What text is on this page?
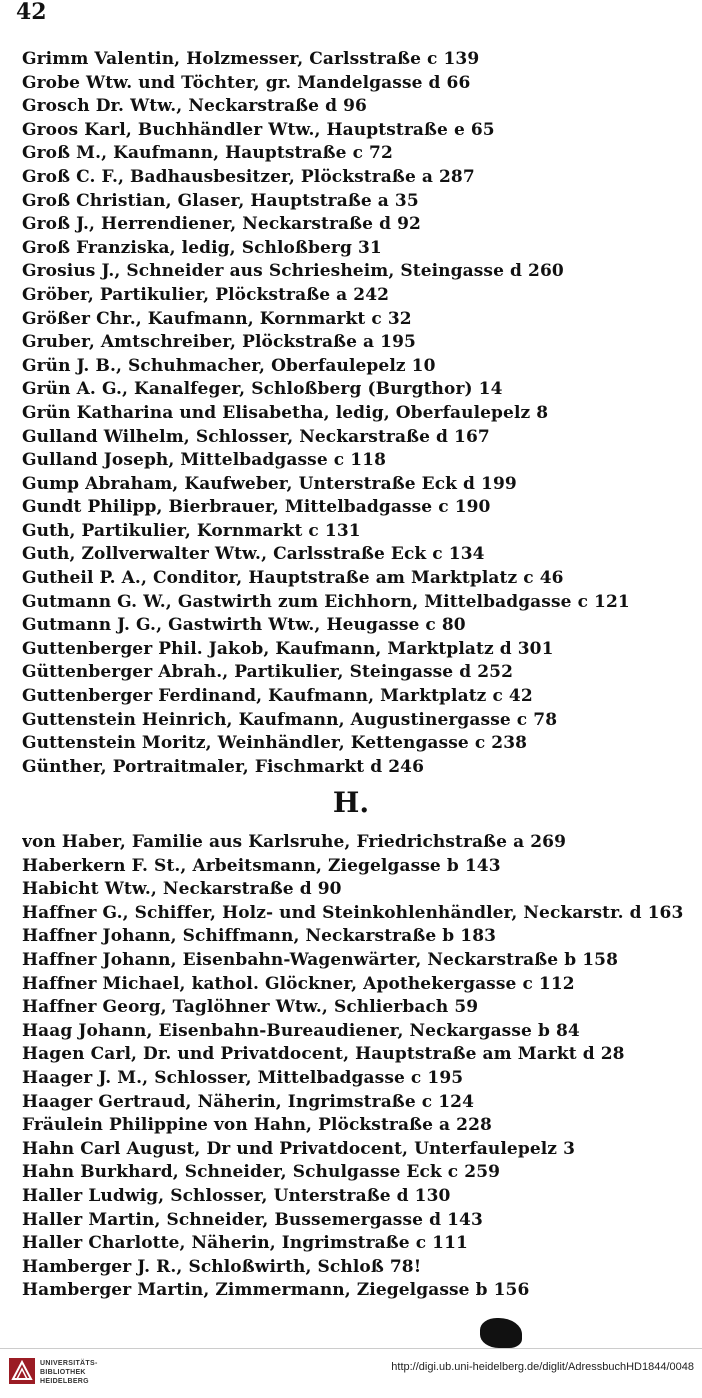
42
Grimm Valentin, Holzmesser, Carlsstraße c 139
Grobe Wtw. und Töchter, gr. Mandelgasse d 66
Grosch Dr. Wtw., Neckarstraße d 96
Groos Karl, Buchhändler Wtw., Hauptstraße e 65
Groß M., Kaufmann, Hauptstraße c 72
Groß C. F., Badhausbesitzer, Plöckstraße a 287
Groß Christian, Glaser, Hauptstraße a 35
Groß J., Herrendiener, Neckarstraße d 92
Groß Franziska, ledig, Schloßberg 31
Grosius J., Schneider aus Schriesheim, Steingasse d 260
Gröber, Partikulier, Plöckstraße a 242
Größer Chr., Kaufmann, Kornmarkt c 32
Gruber, Amtschreiber, Plöckstraße a 195
Grün J. B., Schuhmacher, Oberfaulepelz 10
Grün A. G., Kanalfeger, Schloßberg (Burgthor) 14
Grün Katharina und Elisabetha, ledig, Oberfaulepelz 8
Gulland Wilhelm, Schlosser, Neckarstraße d 167
Gulland Joseph, Mittelbadgasse c 118
Gump Abraham, Kaufweber, Unterstraße Eck d 199
Gundt Philipp, Bierbrauer, Mittelbadgasse c 190
Guth, Partikulier, Kornmarkt c 131
Guth, Zollverwalter Wtw., Carlsstraße Eck c 134
Gutheil P. A., Conditor, Hauptstraße am Marktplatz c 46
Gutmann G. W., Gastwirth zum Eichhorn, Mittelbadgasse c 121
Gutmann J. G., Gastwirth Wtw., Heugasse c 80
Guttenberger Phil. Jakob, Kaufmann, Marktplatz d 301
Güttenberger Abrah., Partikulier, Steingasse d 252
Guttenberger Ferdinand, Kaufmann, Marktplatz c 42
Guttenstein Heinrich, Kaufmann, Augustinergasse c 78
Guttenstein Moritz, Weinhändler, Kettengasse c 238
Günther, Portraitmaler, Fischmarkt d 246
H.
von Haber, Familie aus Karlsruhe, Friedrichstraße a 269
Haberkern F. St., Arbeitsmann, Ziegelgasse b 143
Habicht Wtw., Neckarstraße d 90
Haffner G., Schiffer, Holz- und Steinkohlenhändler, Neckarstr. d 163
Haffner Johann, Schiffmann, Neckarstraße b 183
Haffner Johann, Eisenbahn-Wagenwärter, Neckarstraße b 158
Haffner Michael, kathol. Glöckner, Apothekergasse c 112
Haffner Georg, Taglöhner Wtw., Schlierbach 59
Haag Johann, Eisenbahn-Bureaudiener, Neckargasse b 84
Hagen Carl, Dr. und Privatdocent, Hauptstraße am Markt d 28
Haager J. M., Schlosser, Mittelbadgasse c 195
Haager Gertraud, Näherin, Ingrimstraße c 124
Fräulein Philippine von Hahn, Plöckstraße a 228
Hahn Carl August, Dr und Privatdocent, Unterfaulepelz 3
Hahn Burkhard, Schneider, Schulgasse Eck c 259
Haller Ludwig, Schlosser, Unterstraße d 130
Haller Martin, Schneider, Bussemergasse d 143
Haller Charlotte, Näherin, Ingrimstraße c 111
Hamberger J. R., Schloßwirth, Schloß 78!
Hamberger Martin, Zimmermann, Ziegelgasse b 156
UNIVERSITÄTS-
BIBLIOTHEK
HEIDELBERG
http://digi.ub.uni-heidelberg.de/diglit/AdressbuchHD1844/0048
